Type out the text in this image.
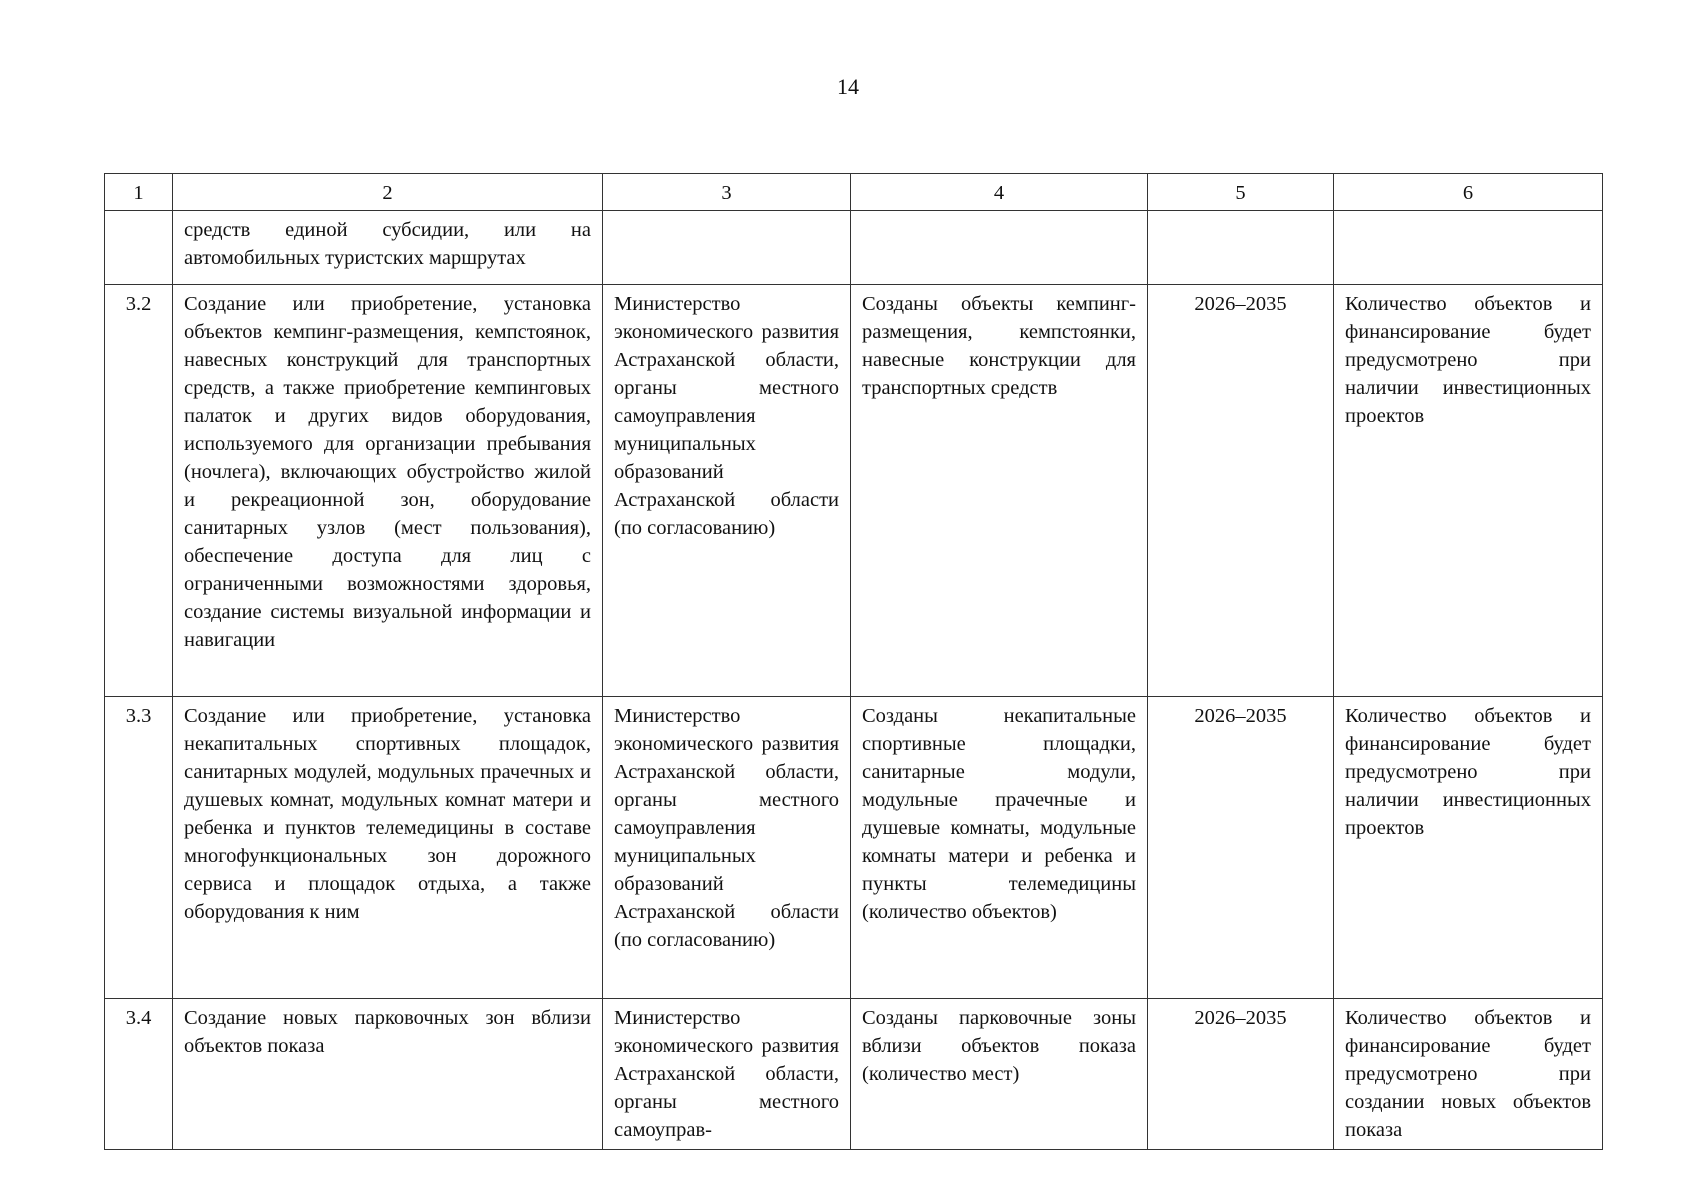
14
1	2	3	4	5	6
	средств единой субсидии, или на автомобильных туристских маршрутах				
3.2	Создание или приобретение, установка объектов кемпинг-размещения, кемпстоянок, навесных конструкций для транспортных средств, а также приобретение кемпинговых палаток и других видов оборудования, используемого для организации пребывания (ночлега), включающих обустройство жилой и рекреационной зон, оборудование санитарных узлов (мест пользования), обеспечение доступа для лиц с ограниченными возможностями здоровья, создание системы визуальной информации и навигации	Министерство экономического развития Астраханской области, органы местного самоуправления муниципальных образований Астраханской области (по согласованию)	Созданы объекты кемпинг-размещения, кемпстоянки, навесные конструкции для транспортных средств	2026–2035	Количество объектов и финансирование будет предусмотрено при наличии инвестиционных проектов
3.3	Создание или приобретение, установка некапитальных спортивных площадок, санитарных модулей, модульных прачечных и душевых комнат, модульных комнат матери и ребенка и пунктов телемедицины в составе многофункциональных зон дорожного сервиса и площадок отдыха, а также оборудования к ним	Министерство экономического развития Астраханской области, органы местного самоуправления муниципальных образований Астраханской области (по согласованию)	Созданы некапитальные спортивные площадки, санитарные модули, модульные прачечные и душевые комнаты, модульные комнаты матери и ребенка и пункты телемедицины (количество объектов)	2026–2035	Количество объектов и финансирование будет предусмотрено при наличии инвестиционных проектов
3.4	Создание новых парковочных зон вблизи объектов показа	Министерство экономического развития Астраханской области, органы местного самоуправ-	Созданы парковочные зоны вблизи объектов показа (количество мест)	2026–2035	Количество объектов и финансирование будет предусмотрено при создании новых объектов показа
